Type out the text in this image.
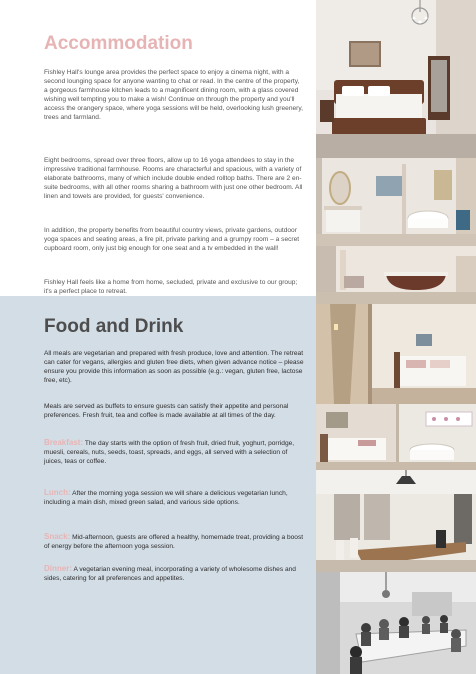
Accommodation

Fishley Hall's lounge area provides the perfect space to enjoy a cinema night, with a second lounging space for anyone wanting to chat or read. In the centre of the property, a gorgeous farmhouse kitchen leads to a magnificent dining room, with a glass covered wishing well tempting you to make a wish! Continue on through the property and you'll access the orangery space, where yoga sessions will be held, overlooking lush greenery, trees and farmland.

Eight bedrooms, spread over three floors, allow up to 16 yoga attendees to stay in the impressive traditional farmhouse. Rooms are characterful and spacious, with a variety of elaborate bathrooms, many of which include double ended rolltop baths. There are 2 en-suite bedrooms, with all other rooms sharing a bathroom with just one other bedroom. All linen and towels are provided, for guests' convenience.

In addition, the property benefits from beautiful country views, private gardens, outdoor yoga spaces and seating areas, a fire pit, private parking and a grumpy room – a secret cupboard room, only just big enough for one seat and a tv embedded in the wall!

Fishley Hall feels like a home from home, secluded, private and exclusive to our group; it's a perfect place to retreat.

Food and Drink

All meals are vegetarian and prepared with fresh produce, love and attention. The retreat can cater for vegans, allergies and gluten free diets, when given advance notice – please ensure you provide this information as soon as possible (e.g.: vegan, gluten free, lactose free, etc).

Meals are served as buffets to ensure guests can satisfy their appetite and personal preferences. Fresh fruit, tea and coffee is made available at all times of the day.

Breakfast: The day starts with the option of fresh fruit, dried fruit, yoghurt, porridge, muesli, cereals, nuts, seeds, toast, spreads, and eggs, all served with a selection of juices, teas or coffee.

Lunch: After the morning yoga session we will share a delicious vegetarian lunch, including a main dish, mixed green salad, and various side options.

Snack: Mid-afternoon, guests are offered a healthy, homemade treat, providing a boost of energy before the afternoon yoga session.

Dinner: A vegetarian evening meal, incorporating a variety of wholesome dishes and sides, catering for all preferences and appetites.
